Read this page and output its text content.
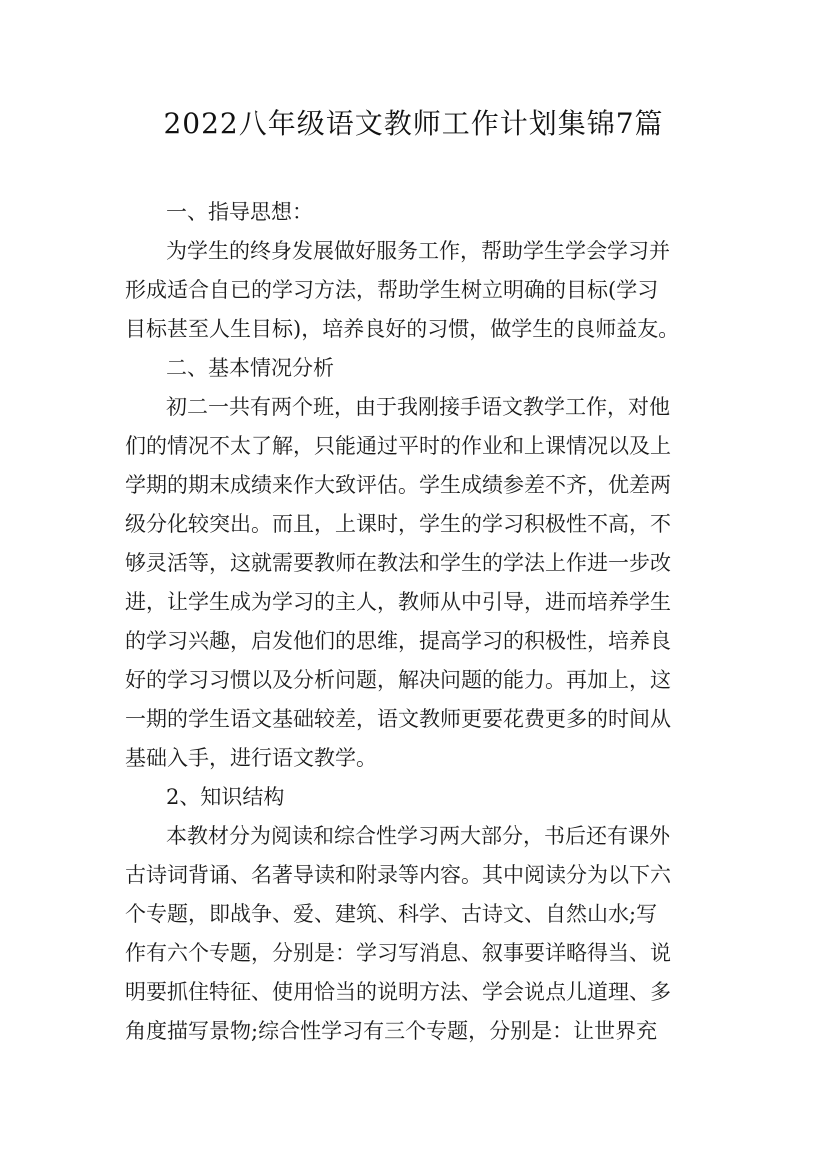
2022八年级语文教师工作计划集锦7篇
一、指导思想：
为学生的终身发展做好服务工作，帮助学生学会学习并
形成适合自已的学习方法，帮助学生树立明确的目标(学习
目标甚至人生目标)，培养良好的习惯，做学生的良师益友。
二、基本情况分析
初二一共有两个班，由于我刚接手语文教学工作，对他
们的情况不太了解，只能通过平时的作业和上课情况以及上
学期的期末成绩来作大致评估。学生成绩参差不齐，优差两
级分化较突出。而且，上课时，学生的学习积极性不高，不
够灵活等，这就需要教师在教法和学生的学法上作进一步改
进，让学生成为学习的主人，教师从中引导，进而培养学生
的学习兴趣，启发他们的思维，提高学习的积极性，培养良
好的学习习惯以及分析问题，解决问题的能力。再加上，这
一期的学生语文基础较差，语文教师更要花费更多的时间从
基础入手，进行语文教学。
2、知识结构
本教材分为阅读和综合性学习两大部分，书后还有课外
古诗词背诵、名著导读和附录等内容。其中阅读分为以下六
个专题，即战争、爱、建筑、科学、古诗文、自然山水;写
作有六个专题，分别是：学习写消息、叙事要详略得当、说
明要抓住特征、使用恰当的说明方法、学会说点儿道理、多
角度描写景物;综合性学习有三个专题，分别是：让世界充
